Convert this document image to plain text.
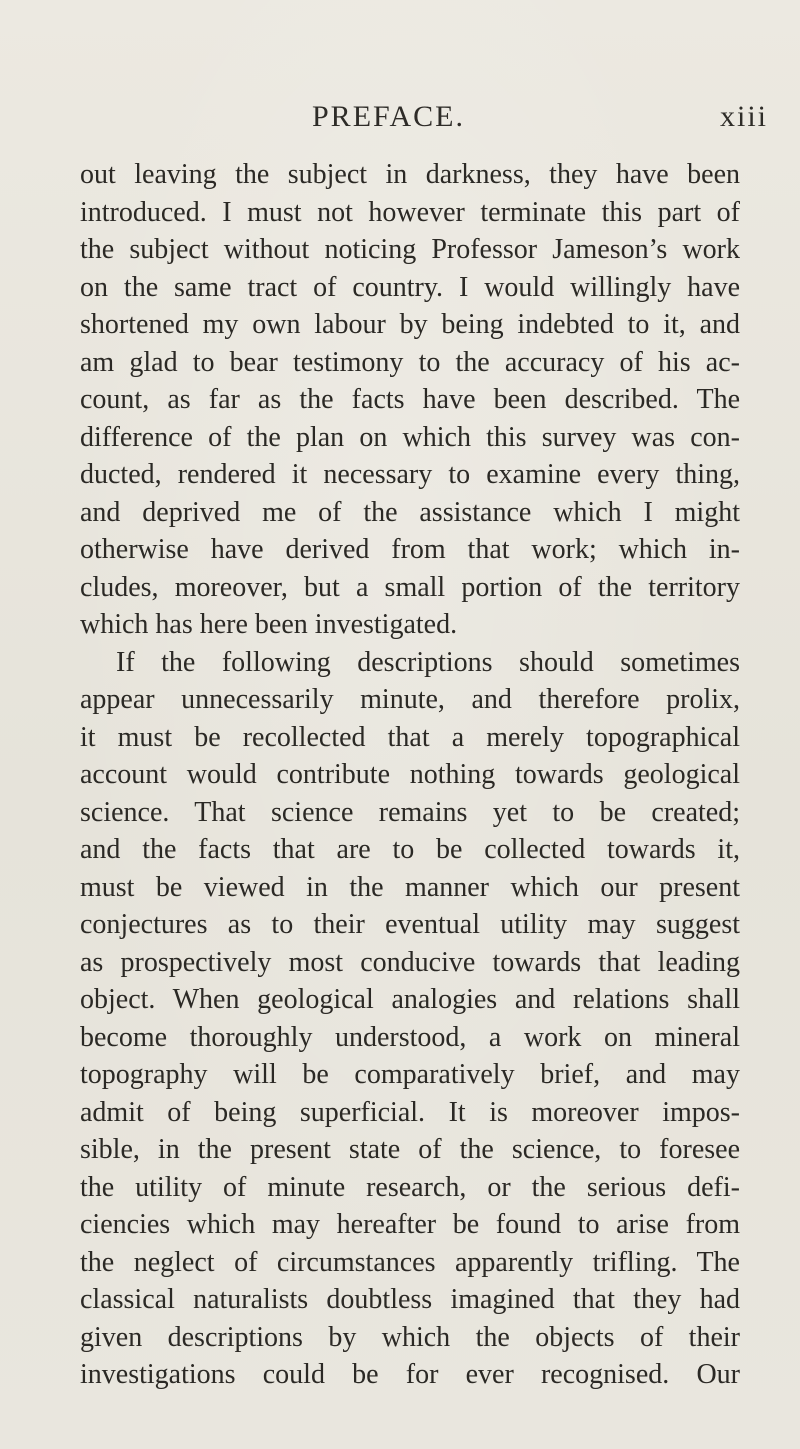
PREFACE.	xiii
out leaving the subject in darkness, they have been
introduced. I must not however terminate this part of
the subject without noticing Professor Jameson’s work
on the same tract of country. I would willingly have
shortened my own labour by being indebted to it, and
am glad to bear testimony to the accuracy of his ac-
count, as far as the facts have been described. The
difference of the plan on which this survey was con-
ducted, rendered it necessary to examine every thing,
and deprived me of the assistance which I might
otherwise have derived from that work; which in-
cludes, moreover, but a small portion of the territory
which has here been investigated.
If the following descriptions should sometimes
appear unnecessarily minute, and therefore prolix,
it must be recollected that a merely topographical
account would contribute nothing towards geological
science. That science remains yet to be created;
and the facts that are to be collected towards it,
must be viewed in the manner which our present
conjectures as to their eventual utility may suggest
as prospectively most conducive towards that leading
object. When geological analogies and relations shall
become thoroughly understood, a work on mineral
topography will be comparatively brief, and may
admit of being superficial. It is moreover impos-
sible, in the present state of the science, to foresee
the utility of minute research, or the serious defi-
ciencies which may hereafter be found to arise from
the neglect of circumstances apparently trifling. The
classical naturalists doubtless imagined that they had
given descriptions by which the objects of their
investigations could be for ever recognised. Our
